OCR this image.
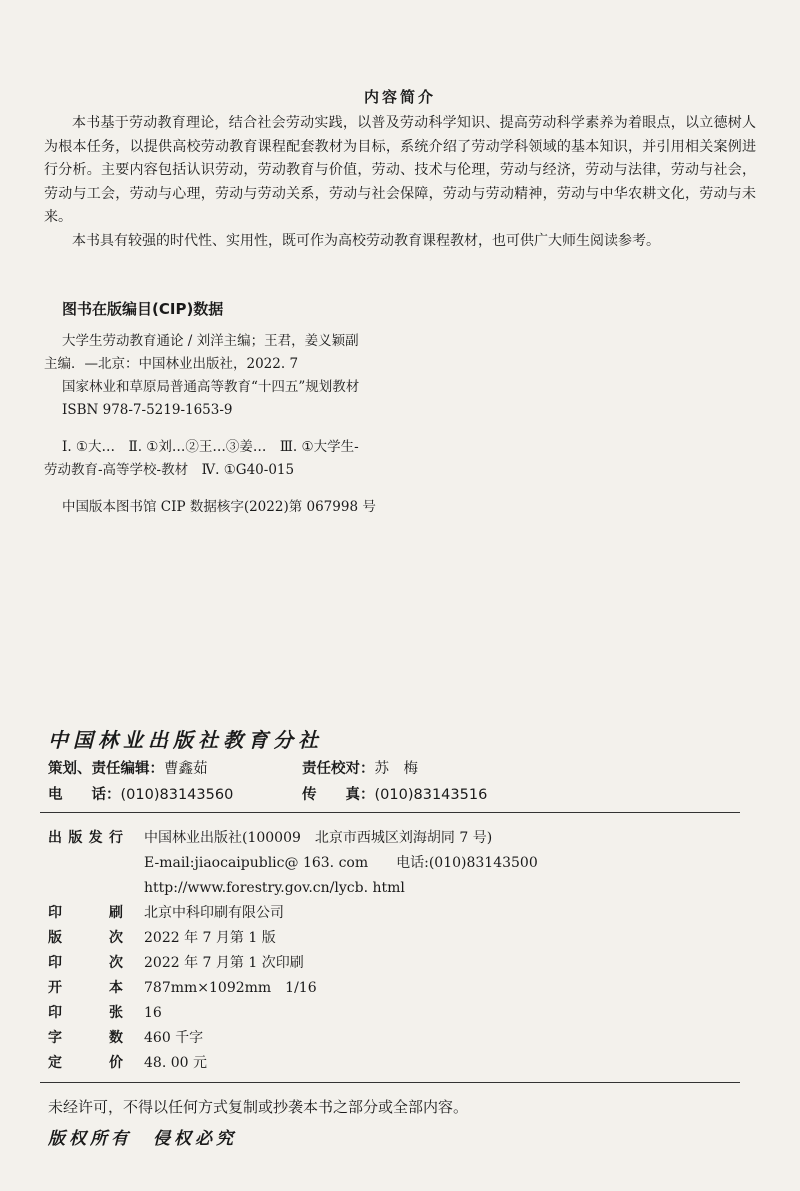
内容简介

本书基于劳动教育理论，结合社会劳动实践，以普及劳动科学知识、提高劳动科学素养为着眼点，以立德树人为根本任务，以提供高校劳动教育课程配套教材为目标，系统介绍了劳动学科领域的基本知识，并引用相关案例进行分析。主要内容包括认识劳动，劳动教育与价值，劳动、技术与伦理，劳动与经济，劳动与法律，劳动与社会，劳动与工会，劳动与心理，劳动与劳动关系，劳动与社会保障，劳动与劳动精神，劳动与中华农耕文化，劳动与未来。

本书具有较强的时代性、实用性，既可作为高校劳动教育课程教材，也可供广大师生阅读参考。

图书在版编目(CIP)数据
大学生劳动教育通论 / 刘洋主编；王君，姜义颖副
主编．—北京：中国林业出版社，2022. 7
国家林业和草原局普通高等教育“十四五”规划教材
ISBN 978-7-5219-1653-9
Ⅰ. ①大…　Ⅱ. ①刘…②王…③姜…　Ⅲ. ①大学生-
劳动教育-高等学校-教材　Ⅳ. ①G40-015
中国版本图书馆 CIP 数据核字(2022)第 067998 号
中国林业出版社教育分社
策划、责任编辑：曹鑫茹	责任校对：苏　梅
电　　话：(010)83143560	传　　真：(010)83143516
出 版 发 行 中国林业出版社(100009　北京市西城区刘海胡同 7 号)
E-mail:jiaocaipublic@ 163. com　　电话:(010)83143500
http://www.forestry.gov.cn/lycb. html
印	刷 北京中科印刷有限公司
版	次 2022 年 7 月第 1 版
印	次 2022 年 7 月第 1 次印刷
开	本 787mm×1092mm　1/16
印	张 16
字	数 460 千字
定	价 48. 00 元
未经许可，不得以任何方式复制或抄袭本书之部分或全部内容。
版权所有　侵权必究
